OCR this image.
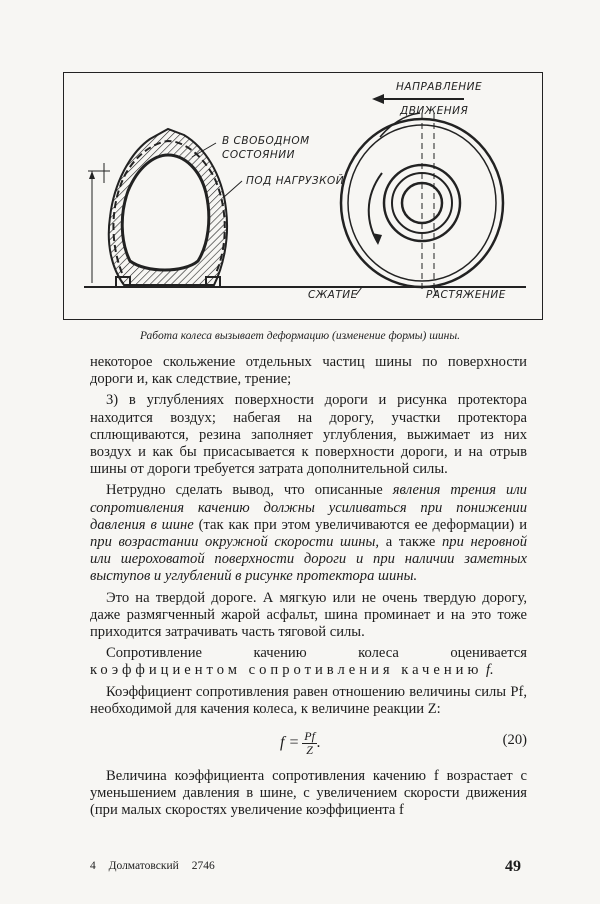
НАПРАВЛЕНИЕ
ДВИЖЕНИЯ
В СВОБОДНОМ
СОСТОЯНИИ
ПОД НАГРУЗКОЙ
СЖАТИЕ	РАСТЯЖЕНИЕ
Работа колеса вызывает деформацию (изменение формы) шины.

некоторое скольжение отдельных частиц шины по поверхности дороги и, как следствие, трение;

3) в углублениях поверхности дороги и рисунка протектора находится воздух; набегая на дорогу, участки протектора сплющиваются, резина заполняет углубления, выжимает из них воздух и как бы присасывается к поверхности дороги, и на отрыв шины от дороги требуется затрата дополнительной силы.

Нетрудно сделать вывод, что описанные явления трения или сопротивления качению должны усиливаться при понижении давления в шине (так как при этом увеличиваются ее деформации) и при возрастании окружной скорости шины, а также при неровной или шероховатой поверхности дороги и при наличии заметных выступов и углублений в рисунке протектора шины.

Это на твердой дороге. А мягкую или не очень твердую дорогу, даже размягченный жарой асфальт, шина проминает и на это тоже приходится затрачивать часть тяговой силы.

Сопротивление качению колеса оценивается коэффициентом сопротивления качению f.

Коэффициент сопротивления равен отношению величины силы Pf, необходимой для качения колеса, к величине реакции Z:

$f = \frac{Pf}{Z}$ .	(20)

Величина коэффициента сопротивления качению f возрастает с уменьшением давления в шине, с увеличением скорости движения (при малых скоростях увеличение коэффициента f

4 Долматовский 2746	49
